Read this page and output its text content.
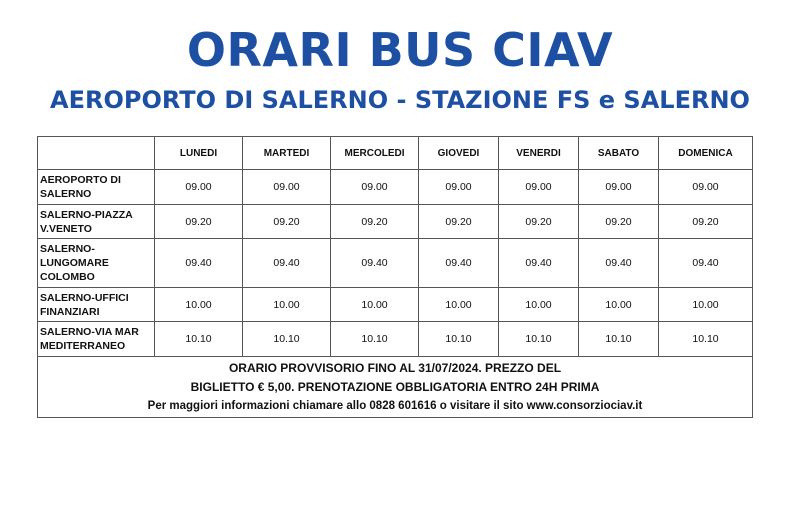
ORARI BUS CIAV
AEROPORTO DI SALERNO - STAZIONE FS e SALERNO
	LUNEDI	MARTEDI	MERCOLEDI	GIOVEDI	VENERDI	SABATO	DOMENICA
AEROPORTO DI SALERNO	09.00	09.00	09.00	09.00	09.00	09.00	09.00
SALERNO-PIAZZA V.VENETO	09.20	09.20	09.20	09.20	09.20	09.20	09.20
SALERNO-LUNGOMARE COLOMBO	09.40	09.40	09.40	09.40	09.40	09.40	09.40
SALERNO-UFFICI FINANZIARI	10.00	10.00	10.00	10.00	10.00	10.00	10.00
SALERNO-VIA MAR MEDITERRANEO	10.10	10.10	10.10	10.10	10.10	10.10	10.10

ORARIO PROVVISORIO FINO AL 31/07/2024. PREZZO DEL
BIGLIETTO € 5,00. PRENOTAZIONE OBBLIGATORIA ENTRO 24H PRIMA
Per maggiori informazioni chiamare allo 0828 601616 o visitare il sito www.consorziociav.it							
